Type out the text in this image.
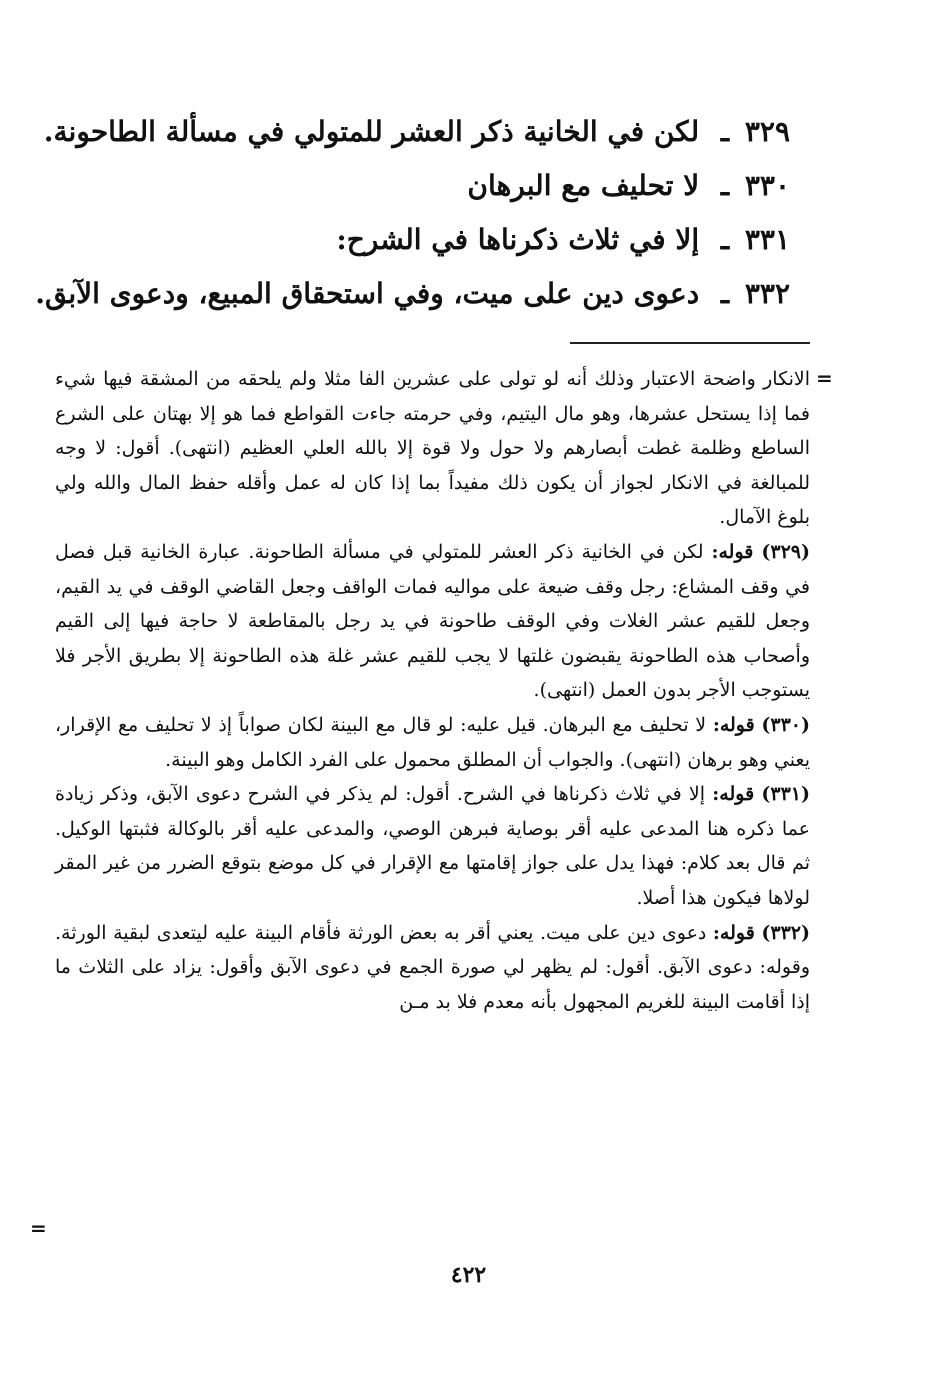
٣٢٩ ـ لكن في الخانية ذكر العشر للمتولي في مسألة الطاحونة.
٣٣٠ ـ لا تحليف مع البرهان
٣٣١ ـ إلا في ثلاث ذكرناها في الشرح:
٣٣٢ ـ دعوى دين على ميت، وفي استحقاق المبيع، ودعوى الآبق.
=

الانكار واضحة الاعتبار وذلك أنه لو تولى على عشرين الفا مثلا ولم يلحقه من المشقة فيها شيء فما إذا يستحل عشرها، وهو مال اليتيم، وفي حرمته جاءت القواطع فما هو إلا بهتان على الشرع الساطع وظلمة غطت أبصارهم ولا حول ولا قوة إلا بالله العلي العظيم (انتهى). أقول: لا وجه للمبالغة في الانكار لجواز أن يكون ذلك مفيداً بما إذا كان له عمل وأقله حفظ المال والله ولي بلوغ الآمال.

(٣٢٩) قوله: لكن في الخانية ذكر العشر للمتولي في مسألة الطاحونة. عبارة الخانية قبل فصل في وقف المشاع: رجل وقف ضيعة على مواليه فمات الواقف وجعل القاضي الوقف في يد القيم، وجعل للقيم عشر الغلات وفي الوقف طاحونة في يد رجل بالمقاطعة لا حاجة فيها إلى القيم وأصحاب هذه الطاحونة يقبضون غلتها لا يجب للقيم عشر غلة هذه الطاحونة إلا بطريق الأجر فلا يستوجب الأجر بدون العمل (انتهى).

(٣٣٠) قوله: لا تحليف مع البرهان. قيل عليه: لو قال مع البينة لكان صواباً إذ لا تحليف مع الإقرار، يعني وهو برهان (انتهى). والجواب أن المطلق محمول على الفرد الكامل وهو البينة.

(٣٣١) قوله: إلا في ثلاث ذكرناها في الشرح. أقول: لم يذكر في الشرح دعوى الآبق، وذكر زيادة عما ذكره هنا المدعى عليه أقر بوصاية فبرهن الوصي، والمدعى عليه أقر بالوكالة فثبتها الوكيل. ثم قال بعد كلام: فهذا يدل على جواز إقامتها مع الإقرار في كل موضع بتوقع الضرر من غير المقر لولاها فيكون هذا أصلا.

(٣٣٢) قوله: دعوى دين على ميت. يعني أقر به بعض الورثة فأقام البينة عليه ليتعدى لبقية الورثة. وقوله: دعوى الآبق. أقول: لم يظهر لي صورة الجمع في دعوى الآبق وأقول: يزاد على الثلاث ما إذا أقامت البينة للغريم المجهول بأنه معدم فلا بد مـن

=
٤٢٢
